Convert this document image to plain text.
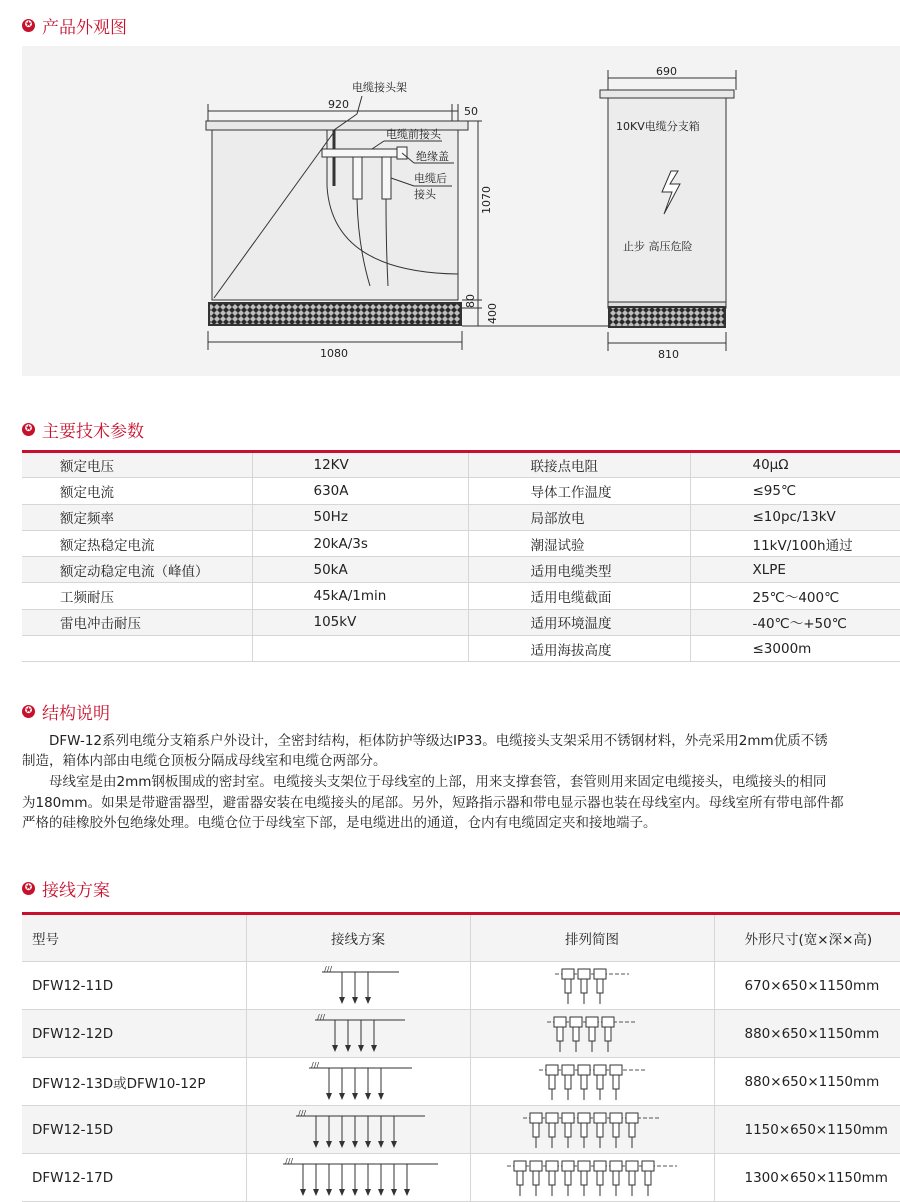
✪ 产品外观图
920
50
电缆接头架
电缆前接头
绝缘盖
电缆后
接头	1070
80
400
1080
690
10KV电缆分支箱
止步 高压危险
810
✪ 主要技术参数
额定电压	12KV	联接点电阻	40μΩ
额定电流	630A	导体工作温度	≤95℃
额定频率	50Hz	局部放电	≤10pc/13kV
额定热稳定电流	20kA/3s	潮湿试验	11kV/100h通过
额定动稳定电流（峰值）	50kA	适用电缆类型	XLPE
工频耐压	45kA/1min	适用电缆截面	25℃～400℃
雷电冲击耐压	105kV	适用环境温度	-40℃～+50℃
		适用海拔高度	≤3000m
✪ 结构说明
　　DFW-12系列电缆分支箱系户外设计，全密封结构，柜体防护等级达IP33。电缆接头支架采用不锈钢材料，外壳采用2mm优质不锈
制造，箱体内部由电缆仓顶板分隔成母线室和电缆仓两部分。
　　母线室是由2mm钢板围成的密封室。电缆接头支架位于母线室的上部，用来支撑套管，套管则用来固定电缆接头，电缆接头的相同
为180mm。如果是带避雷器型，避雷器安装在电缆接头的尾部。另外，短路指示器和带电显示器也装在母线室内。母线室所有带电部件都
严格的硅橡胶外包绝缘处理。电缆仓位于母线室下部，是电缆进出的通道，仓内有电缆固定夹和接地端子。
✪ 接线方案
型号	接线方案	排列简图	外形尺寸(宽×深×高)
DFW12-11D	///		670×650×1150mm
DFW12-12D	///		880×650×1150mm
DFW12-13D或DFW10-12P	///		880×650×1150mm
DFW12-15D	///		1150×650×1150mm
DFW12-17D	///		1300×650×1150mm
